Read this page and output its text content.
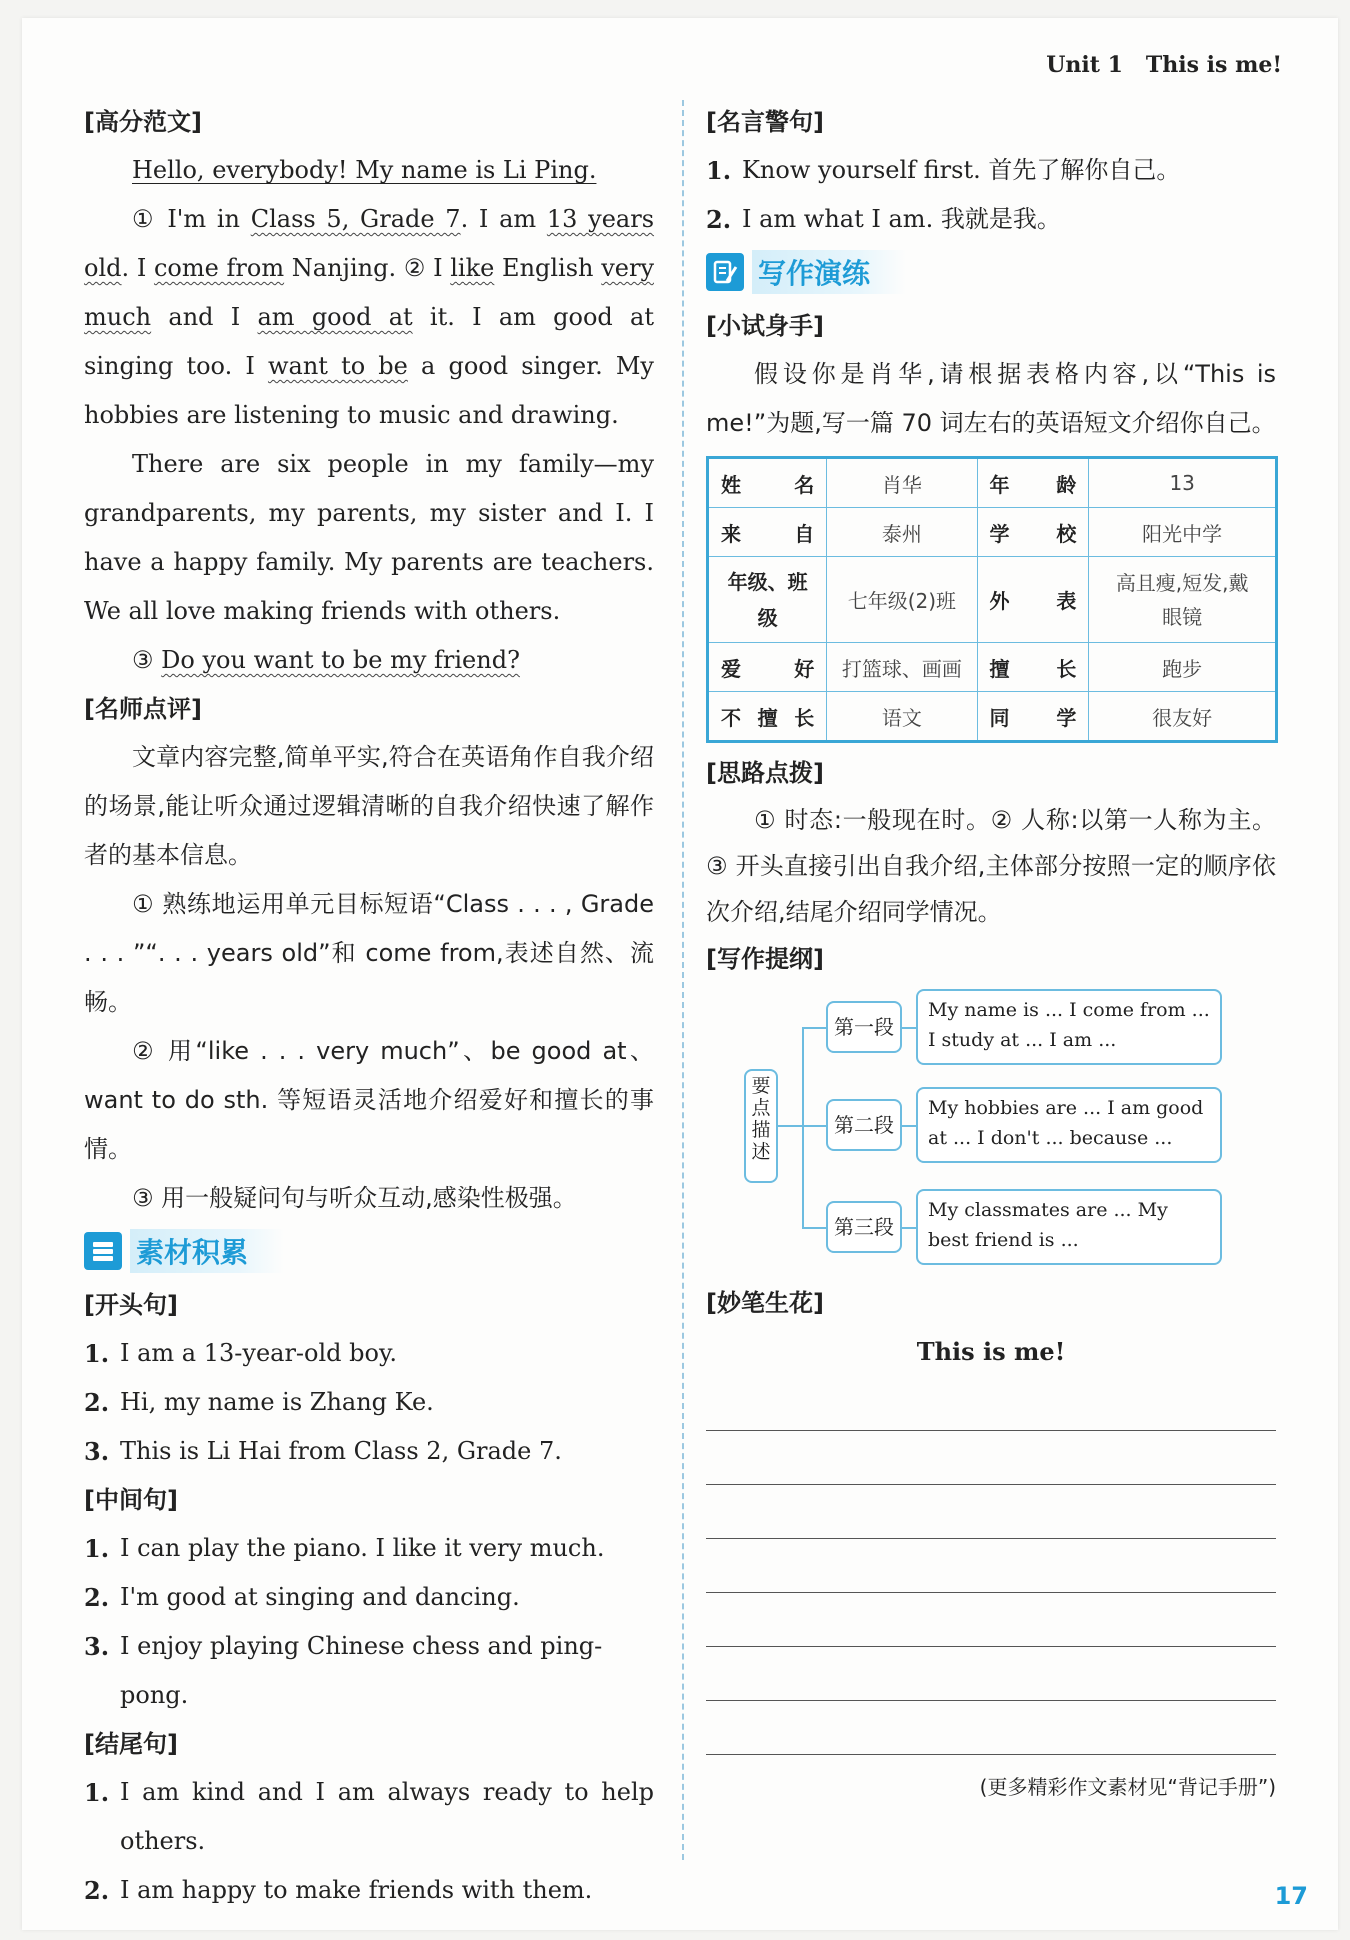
Unit 1   This is me!
17
[高分范文]

Hello, everybody! My name is Li Ping.

① I'm in Class 5, Grade 7. I am 13 years old. I come from Nanjing. ② I like English very much and I am good at it. I am good at singing too. I want to be a good singer. My hobbies are listening to music and drawing.

There are six people in my family—my grandparents, my parents, my sister and I. I have a happy family. My parents are teachers. We all love making friends with others.

③ Do you want to be my friend?

[名师点评]

文章内容完整,简单平实,符合在英语角作自我介绍的场景,能让听众通过逻辑清晰的自我介绍快速了解作者的基本信息。

① 熟练地运用单元目标短语“Class . . . , Grade . . . ”“. . . years old”和 come from,表述自然、流畅。

② 用“like . . . very much”、be good at、want to do sth. 等短语灵活地介绍爱好和擅长的事情。

③ 用一般疑问句与听众互动,感染性极强。

素材积累
[开头句]
1. I am a 13-year-old boy.
2. Hi, my name is Zhang Ke.
3. This is Li Hai from Class 2, Grade 7.
[中间句]
1. I can play the piano. I like it very much.
2. I'm good at singing and dancing.
3. I enjoy playing Chinese chess and ping-pong.
[结尾句]
1. I am kind and I am always ready to help others.
2. I am happy to make friends with them.
[名言警句]
1. Know yourself first. 首先了解你自己。
2. I am what I am. 我就是我。
写作演练
[小试身手]

假设你是肖华,请根据表格内容,以“This is me!”为题,写一篇 70 词左右的英语短文介绍你自己。

姓名	肖华	年龄	13
来自	泰州	学校	阳光中学
年级、班级	七年级(2)班	外表	高且瘦,短发,戴眼镜
爱好	打篮球、画画	擅长	跑步
不擅长	语文	同学	很友好
[思路点拨]

① 时态:一般现在时。② 人称:以第一人称为主。③ 开头直接引出自我介绍,主体部分按照一定的顺序依次介绍,结尾介绍同学情况。

[写作提纲]
要点描述
第一段
第二段
第三段
My name is ... I come from ... I study at ... I am ...
My hobbies are ... I am good at ... I don't ... because ...
My classmates are ... My best friend is ...
[妙笔生花]
This is me!
(更多精彩作文素材见“背记手册”)
